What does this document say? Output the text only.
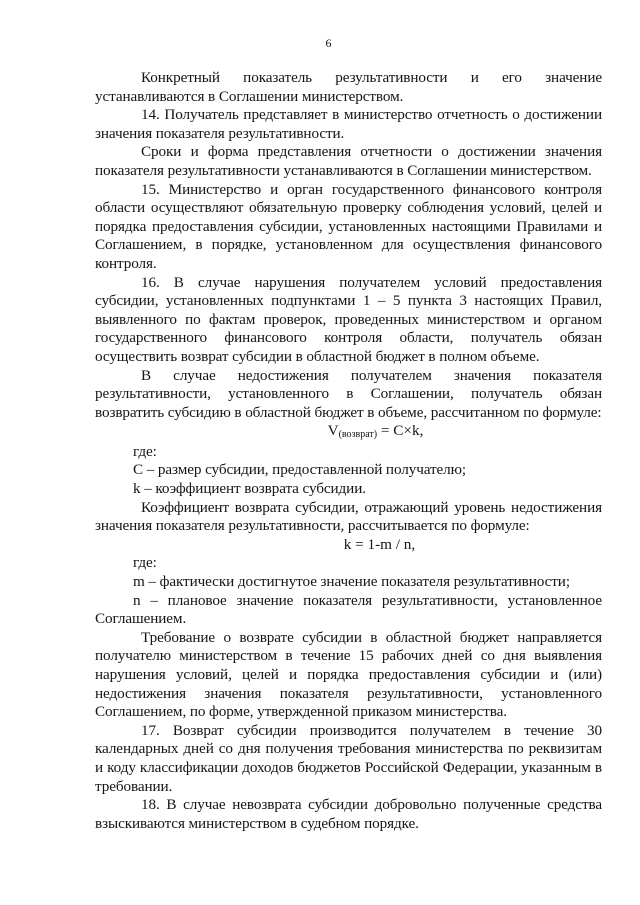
6

Конкретный показатель результативности и его значение устанавливаются в Соглашении министерством.

14. Получатель представляет в министерство отчетность о достижении значения показателя результативности.

Сроки и форма представления отчетности о достижении значения показателя результативности устанавливаются в Соглашении министерством.

15. Министерство и орган государственного финансового контроля области осуществляют обязательную проверку соблюдения условий, целей и порядка предоставления субсидии, установленных настоящими Правилами и Соглашением, в порядке, установленном для осуществления финансового контроля.

16. В случае нарушения получателем условий предоставления субсидии, установленных подпунктами 1 – 5 пункта 3 настоящих Правил, выявленного по фактам проверок, проведенных министерством и органом государственного финансового контроля области, получатель обязан осуществить возврат субсидии в областной бюджет в полном объеме.

В случае недостижения получателем значения показателя результативности, установленного в Соглашении, получатель обязан возвратить субсидию в областной бюджет в объеме, рассчитанном по формуле:

$V_{(возврат)} = C\times k$,

где:

С – размер субсидии, предоставленной получателю;

k – коэффициент возврата субсидии.

Коэффициент возврата субсидии, отражающий уровень недостижения значения показателя результативности, рассчитывается по формуле:

k = 1-m / n,

где:

m – фактически достигнутое значение показателя результативности;

n – плановое значение показателя результативности, установленное Соглашением.

Требование о возврате субсидии в областной бюджет направляется получателю министерством в течение 15 рабочих дней со дня выявления нарушения условий, целей и порядка предоставления субсидии и (или) недостижения значения показателя результативности, установленного Соглашением, по форме, утвержденной приказом министерства.

17. Возврат субсидии производится получателем в течение 30 календарных дней со дня получения требования министерства по реквизитам и коду классификации доходов бюджетов Российской Федерации, указанным в требовании.

18. В случае невозврата субсидии добровольно полученные средства взыскиваются министерством в судебном порядке.
